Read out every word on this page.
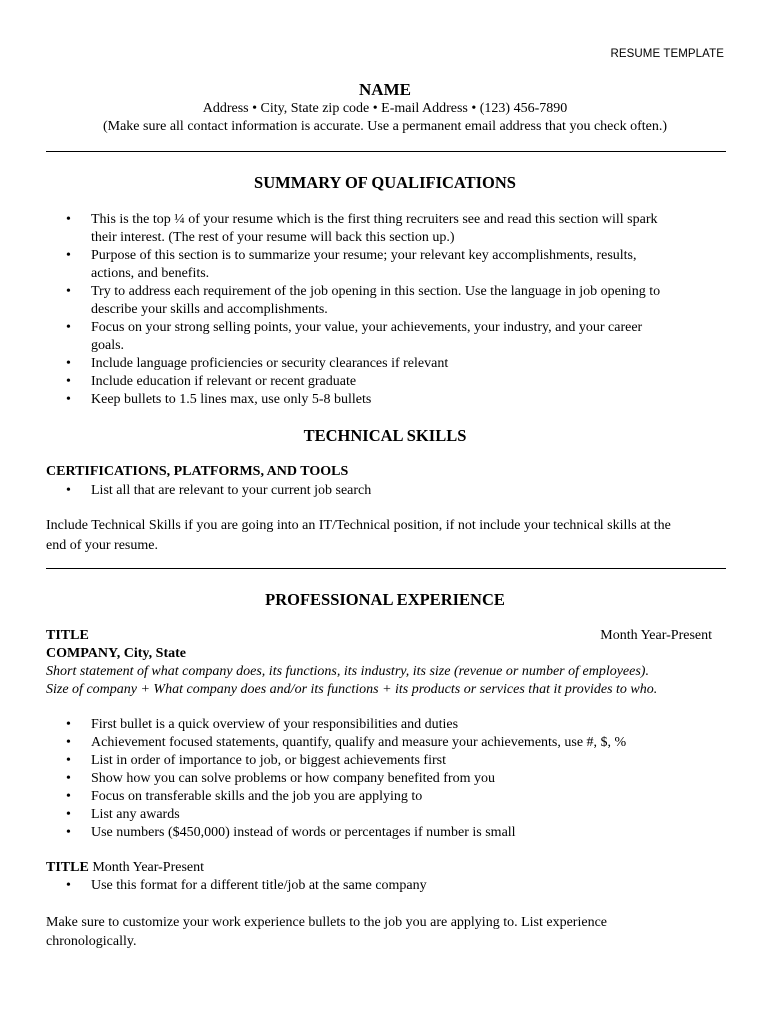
RESUME TEMPLATE
NAME
Address • City, State zip code • E-mail Address • (123) 456-7890
(Make sure all contact information is accurate. Use a permanent email address that you check often.)
SUMMARY OF QUALIFICATIONS
• This is the top ¼ of your resume which is the first thing recruiters see and read this section will spark
their interest. (The rest of your resume will back this section up.)
• Purpose of this section is to summarize your resume; your relevant key accomplishments, results,
actions, and benefits.
• Try to address each requirement of the job opening in this section. Use the language in job opening to
describe your skills and accomplishments.
• Focus on your strong selling points, your value, your achievements, your industry, and your career
goals.
• Include language proficiencies or security clearances if relevant
• Include education if relevant or recent graduate
• Keep bullets to 1.5 lines max, use only 5-8 bullets
TECHNICAL SKILLS
CERTIFICATIONS, PLATFORMS, AND TOOLS
• List all that are relevant to your current job search
Include Technical Skills if you are going into an IT/Technical position, if not include your technical skills at the
end of your resume.
PROFESSIONAL EXPERIENCE
TITLE	Month Year-Present
COMPANY, City, State
Short statement of what company does, its functions, its industry, its size (revenue or number of employees).
Size of company + What company does and/or its functions + its products or services that it provides to who.
• First bullet is a quick overview of your responsibilities and duties
• Achievement focused statements, quantify, qualify and measure your achievements, use #, $, %
• List in order of importance to job, or biggest achievements first
• Show how you can solve problems or how company benefited from you
• Focus on transferable skills and the job you are applying to
• List any awards
• Use numbers ($450,000) instead of words or percentages if number is small
TITLE Month Year-Present
• Use this format for a different title/job at the same company
Make sure to customize your work experience bullets to the job you are applying to. List experience
chronologically.
